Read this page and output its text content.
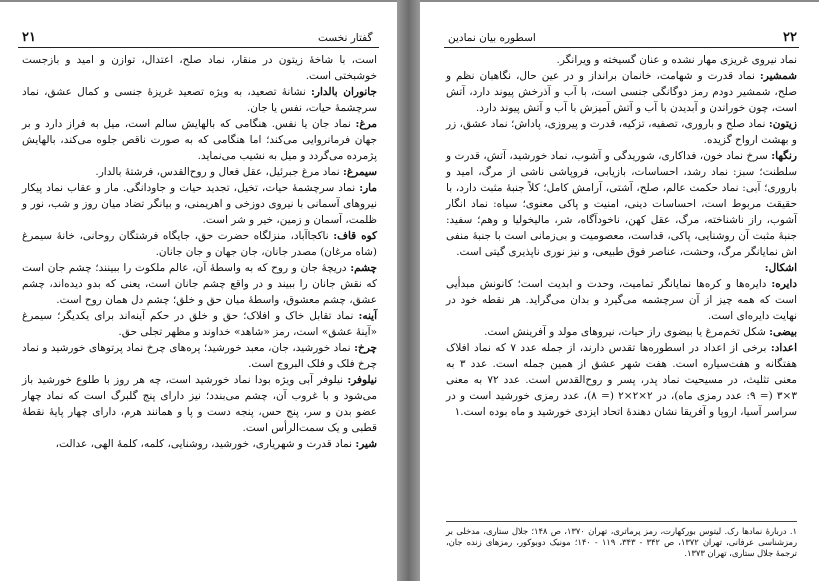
۲۱	گفتار نخست

است، با شاخهٔ زیتون در منقار، نماد صلح، اعتدال، توازن و امید و بازجست خوشبختی است.

جانوران بالدار: نشانهٔ تصعید، به ویژه تصعید غریزهٔ جنسی و کمال عشق، نماد سرچشمهٔ حیات، نفس یا جان.

مرغ: نماد جان یا نفس. هنگامی که بالهایش سالم است، میل به فراز دارد و بر جهان فرمانروایی می‌کند؛ اما هنگامی که به صورت ناقص جلوه می‌کند، بالهایش پژمرده می‌گردد و میل به نشیب می‌نماید.

سیمرغ: نماد مرغ جبرئیل، عقل فعال و روح‌القدس، فرشتهٔ بالدار.

مار: نماد سرچشمهٔ حیات، تخیل، تجدید حیات و جاودانگی. مار و عقاب نماد پیکار نیروهای آسمانی با نیروی دوزخی و اهریمنی، و بیانگر تضاد میان روز و شب، نور و ظلمت، آسمان و زمین، خیر و شر است.

کوه قاف: ناکجاآباد، منزلگاه حضرت حق، جایگاه فرشتگان روحانی، خانهٔ سیمرغ (شاه مرغان) مصدر جانان، جان جهان و جان جانان.

چشم: دریچهٔ جان و روح که به واسطهٔ آن، عالم ملکوت را ببینند؛ چشم جان است که نقش جانان را ببیند و در واقع چشم جانان است، یعنی که بدو دیده‌اند، چشم عشق، چشم معشوق، واسطهٔ میان حق و خلق؛ چشم دل همان روح است.

آینه: نماد تقابل خاک و افلاک؛ حق و خلق در حکم آینه‌اند برای یکدیگر؛ سیمرغ «آینهٔ عشق» است، رمز «شاهد» خداوند و مظهر تجلی حق.

چرخ: نماد خورشید، جان، معبد خورشید؛ پره‌های چرخ نماد پرتوهای خورشید و نماد چرخ فلک و فلک البروج است.

نیلوفر: نیلوفر آبی ویژه بودا نماد خورشید است، چه هر روز با طلوع خورشید باز می‌شود و با غروب آن، چشم می‌بندد؛ نیز دارای پنج گلبرگ است که نماد چهار عضو بدن و سر، پنج حس، پنجه دست و پا و همانند هرم، دارای چهار پایهٔ نقطهٔ قطبی و یک سمت‌الرأس است.

شیر: نماد قدرت و شهریاری، خورشید، روشنایی، کلمه، کلمهٔ الهی، عدالت،

اسطوره بیان نمادین	۲۲

نماد نیروی غریزی مهار نشده و عنان گسیخته و ویرانگر.

شمشیر: نماد قدرت و شهامت، خانمان برانداز و در عین حال، نگاهبان نظم و صلح، شمشیر دودم رمز دوگانگی جنسی است، با آب و آذرخش پیوند دارد، آتش است، چون خوراندن و آبدیدن با آب و آتش آمیزش با آب و آتش پیوند دارد.

زیتون: نماد صلح و باروری، تصفیه، تزکیه، قدرت و پیروزی، پاداش؛ نماد عشق، زر و بهشت ارواح گزیده.

رنگها: سرخ نماد خون، فداکاری، شوریدگی و آشوب، نماد خورشید، آتش، قدرت و سلطنت؛ سبز: نماد رشد، احساسات، بازیابی، فروپاشی ناشی از مرگ، امید و باروری؛ آبی: نماد حکمت عالم، صلح، آشتی، آرامش کامل؛ کلاً جنبهٔ مثبت دارد، با حقیقت مربوط است، احساسات دینی، امنیت و پاکی معنوی؛ سیاه: نماد انگار آشوب، راز ناشناخته، مرگ، عقل کهن، ناخودآگاه، شر، مالیخولیا و وهم؛ سفید: جنبهٔ مثبت آن روشنایی، پاکی، قداست، معصومیت و بی‌زمانی است با جنبهٔ منفی اش نمایانگر مرگ، وحشت، عناصر فوق طبیعی، و نیز نوری ناپذیری گیتی است.

اشکال:

دایره: دایره‌ها و کره‌ها نمایانگر تمامیت، وحدت و ابدیت است؛ کانونش مبدأیی است که همه چیز از آن سرچشمه می‌گیرد و بدان می‌گراید. هر نقطه خود در نهایت دایره‌ای است.

بیضی: شکل تخم‌مرغ یا بیضوی راز حیات، نیروهای مولد و آفرینش است.

اعداد: برخی از اعداد در اسطوره‌ها تقدس دارند، از جمله عدد ۷ که نماد افلاک هفتگانه و هفت‌سیاره است. هفت شهر عشق از همین جمله است. عدد ۳ به معنی تثلیث، در مسیحیت نماد پدر، پسر و روح‌القدس است. عدد ۷۲ به معنی ۳×۳ (= ۹: عدد رمزی ماه)، در ۲×۲×۲ (= ۸)، عدد رمزی خورشید است و در سراسر آسیا، اروپا و آفریقا نشان دهندهٔ اتحاد ایزدی خورشید و ماه بوده است.۱

۱. دربارهٔ نمادها رک. لیتوس بورکهارت، رمز پرماتری، تهران ۱۳۷۰، ص ۱۴۸؛ جلال ستاری، مدخلی بر رمزشناسی عرفانی، تهران ۱۳۷۲، ص ۳۴۲ - ۳۴۳، ۱۱۹ - ۱۴۰؛ مونیک دوبوکور، رمزهای زنده جان، ترجمهٔ جلال ستاری، تهران ۱۳۷۳.
